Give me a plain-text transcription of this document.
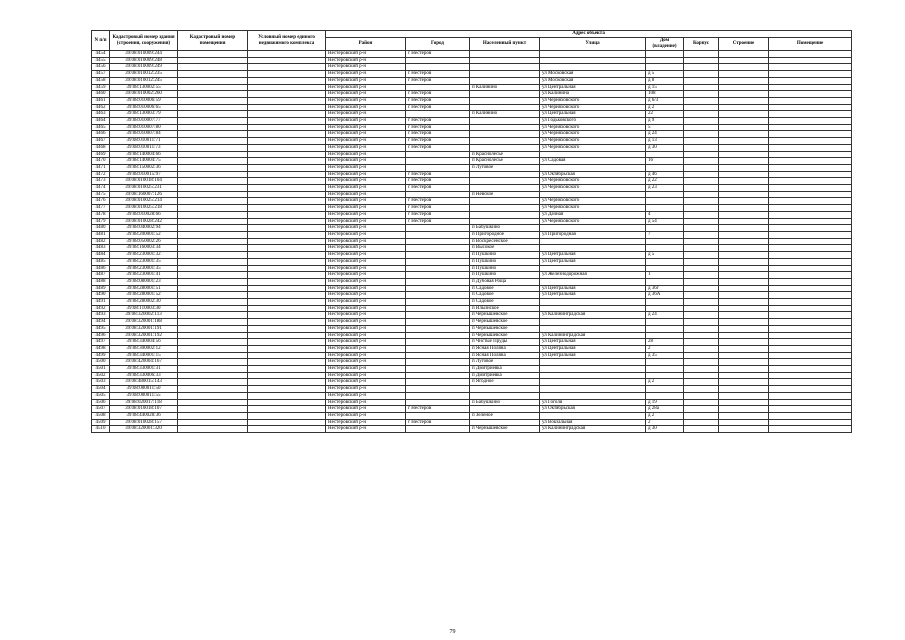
N п/п	Кадастровый номер здания (строения, сооружения)	Кадастровый номер помещения	Условный номер единого недвижимого комплекса	Адрес объекта							
				Район	Город	Населенный пункт	Улица	Дом (владение)	Корпус	Строение	Помещение
4454	39:08:010009:244			Нестеровский р-н	г Нестеров						
4455	39:08:010009:248			Нестеровский р-н							
4456	39:08:010009:249			Нестеровский р-н							
4457	39:08:010012:235			Нестеровский р-н	г Нестеров		ул Московская	д 5			
4458	39:08:010012:245			Нестеровский р-н	г Нестеров		ул Московская	д 8			
4459	39:08:130002:55			Нестеровский р-н		п Калинино	ул Центральная	д 15			
4460	39:08:010002:260			Нестеровский р-н	г Нестеров		ул Калинина	108			
4461	39:08:010006:59			Нестеровский р-н	г Нестеров		ул Черняховского	д 6/3			
4462	39:08:010006:65			Нестеровский р-н	г Нестеров		ул Черняховского	д 2			
4463	39:08:130003:79			Нестеровский р-н		п Калинино	ул Центральная	22			
4464	39:08:010007:77			Нестеровский р-н	г Нестеров		ул Годьковского	д 9			
4465	39:08:010007:80			Нестеровский р-н	г Нестеров		ул Черняховского	5			
4466	39:08:010007:84			Нестеровский р-н	г Нестеров		ул Черняховского	д 24			
4467	39:08:010011:71			Нестеровский р-н	г Нестеров		ул Черняховского	д 13			
4468	39:08:010011:73			Нестеровский р-н	г Нестеров		ул Черняховского	д 30			
4469	39:08:140004:66			Нестеровский р-н		п Краснолесье					
4470	39:08:140004:75			Нестеровский р-н		п Краснолесье	ул Садовая	16			
4471	39:08:150002:36			Нестеровский р-н		п Луговое					
4472	39:08:010015:97			Нестеровский р-н	г Нестеров		ул Октябрьская	д 46			
4473	39:08:010018:104			Нестеровский р-н	г Нестеров		ул Черняховского	д 22			
4474	39:08:010025:231			Нестеровский р-н	г Нестеров		ул Черняховского	д 23			
4475	39:08:160007:126			Нестеровский р-н		п Невское					
4476	39:08:010025:214			Нестеровский р-н	г Нестеров		ул Черняховского				
4477	39:08:010025:218			Нестеровский р-н	г Нестеров		ул Черняховского				
4478	39:08:010028:66			Нестеровский р-н	г Нестеров		ул Дачная	4			
4479	39:08:010028:242			Нестеровский р-н	г Нестеров		ул Черняховского	д 54			
4480	39:08:040002:94			Нестеровский р-н		п Бабушкино					
4481	39:08:200001:52			Нестеровский р-н		п Пригородное	ул Пригородная	7			
4482	39:08:050002:26			Нестеровский р-н		п Воскресенское					
4483	39:08:160003:34			Нестеровский р-н		п Высокое					
4484	39:08:230001:32			Нестеровский р-н		п Пушкино	ул Центральная	д 5			
4485	39:08:230001:35			Нестеровский р-н		п Пушкино	ул Центральная				
4486	39:08:230001:35			Нестеровский р-н		п Пушкино					
4487	39:08:230001:41			Нестеровский р-н		п Пушкино	ул Железнодорожная	1			
4488	39:08:080001:23			Нестеровский р-н		п Дубовая Роща					
4489	39:08:280001:51			Нестеровский р-н		п Садовое	ул Центральная	д 36г			
4490	39:08:280001:52			Нестеровский р-н		п Садовое	ул Центральная	д 36А			
4491	39:08:280002:30			Нестеровский р-н		п Садовое					
4492	39:08:110003:30			Нестеровский р-н		п Ильинское					
4493	39:08:320002:113			Нестеровский р-н		п Чернышевское	ул Калининградская	д 24			
4494	39:08:320001:188			Нестеровский р-н		п Чернышевское					
4495	39:08:320001:191			Нестеровский р-н		п Чернышевское					
4496	39:08:320001:192			Нестеровский р-н		п Чернышевское	ул Калининградская				
4497	39:08:340004:56			Нестеровский р-н		п Чистые Пруды	ул Центральная	28			
4498	39:08:300002:12			Нестеровский р-н		п Ясная Поляна	ул Центральная	2			
4499	39:08:340001:15			Нестеровский р-н		п Ясная Поляна	ул Центральная	д 35			
4500	39:08:420004:167			Нестеровский р-н		п Луговое					
4501	39:08:330001:31			Нестеровский р-н		п Дмитриевка					
4502	39:08:330006:33			Нестеровский р-н		п Дмитриевка					
4503	39:08:480015:143			Нестеровский р-н		п Ягодное		д 2			
4504	39:08:000011:50			Нестеровский р-н							
4505	39:08:000011:55			Нестеровский р-н							
4506	39:08:020017:118			Нестеровский р-н		п Бабушкино	ул Гоголя	д 19			
4507	39:08:010018:107			Нестеровский р-н	г Нестеров		ул Октябрьская	д 28а			
4508	39:08:440028:36			Нестеровский р-н		п Зелёное		д 2			
4509	39:08:010028:157			Нестеровский р-н	г Нестеров		ул Вокзальная	2			
4510	39:08:320001:320			Нестеровский р-н		п Чернышевское	ул Калининградская	д 30			
79
